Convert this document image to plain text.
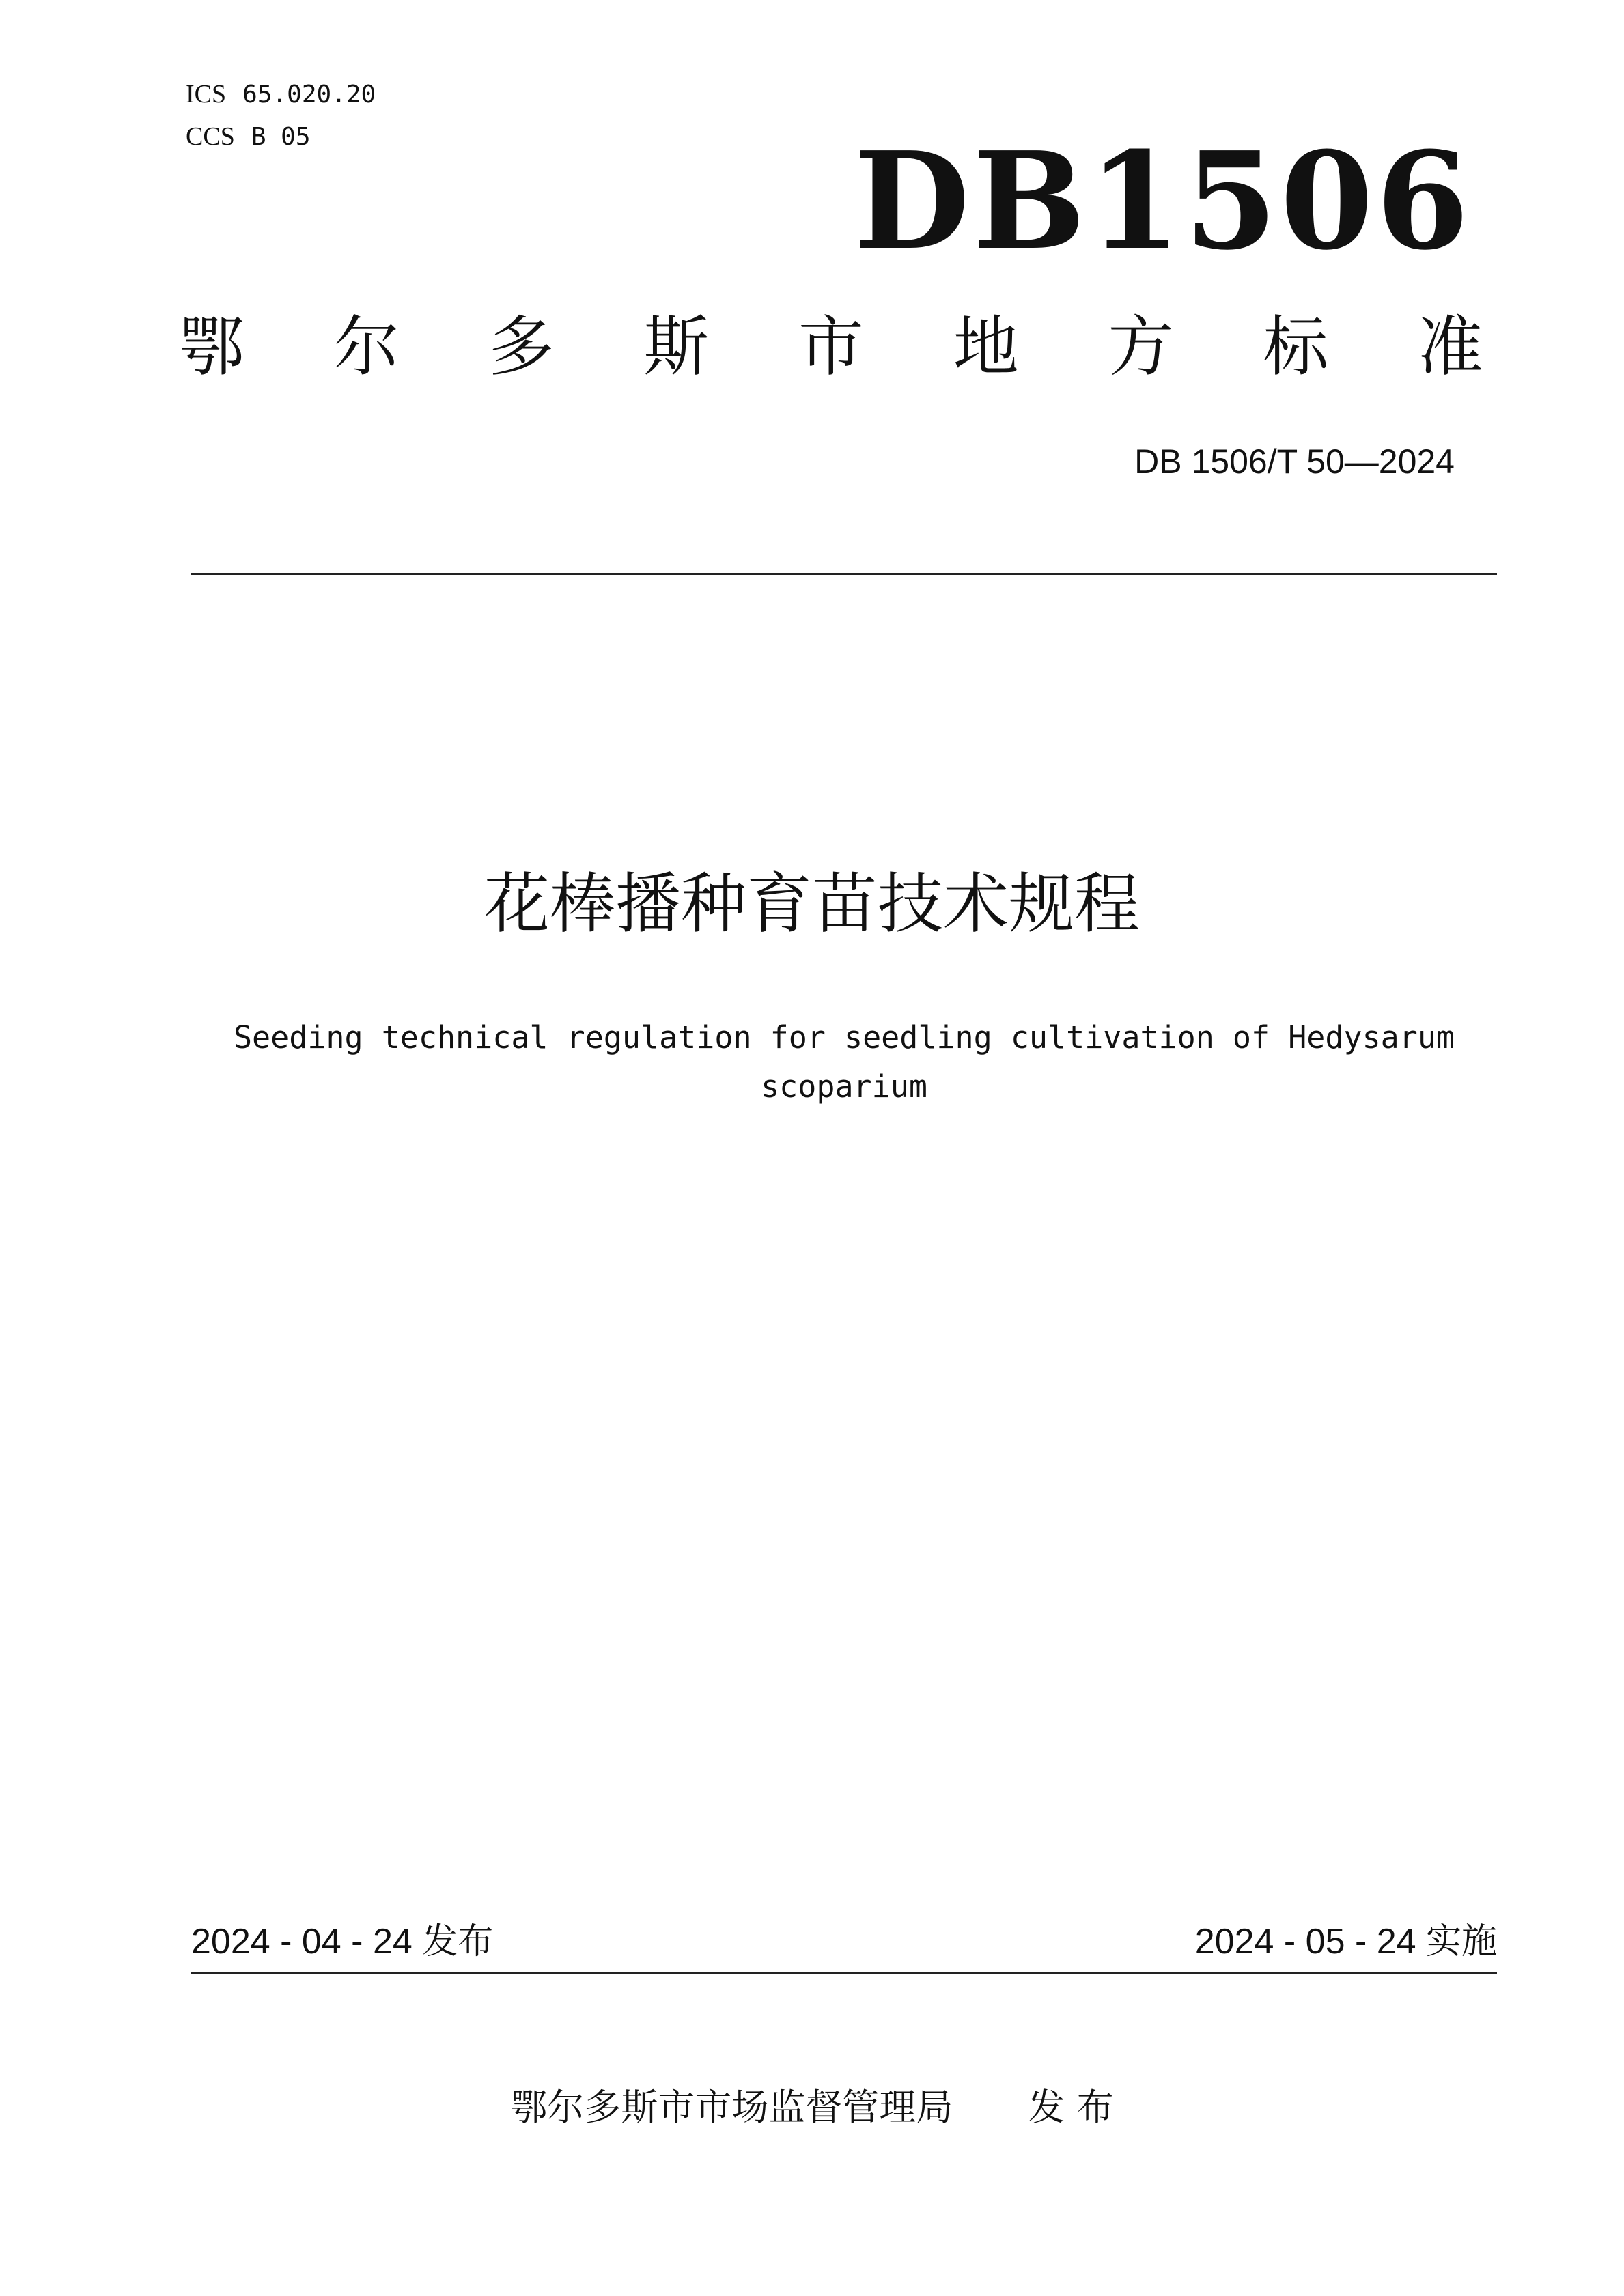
ICS 65.020.20
CCS B 05	DB1506
鄂 尔 多 斯 市 地 方 标 准
DB 1506/T 50—2024
花棒播种育苗技术规程
Seeding technical regulation for seedling cultivation of Hedysarum scoparium
2024 - 04 - 24 发布	2024 - 05 - 24 实施
鄂尔多斯市市场监督管理局 发 布
